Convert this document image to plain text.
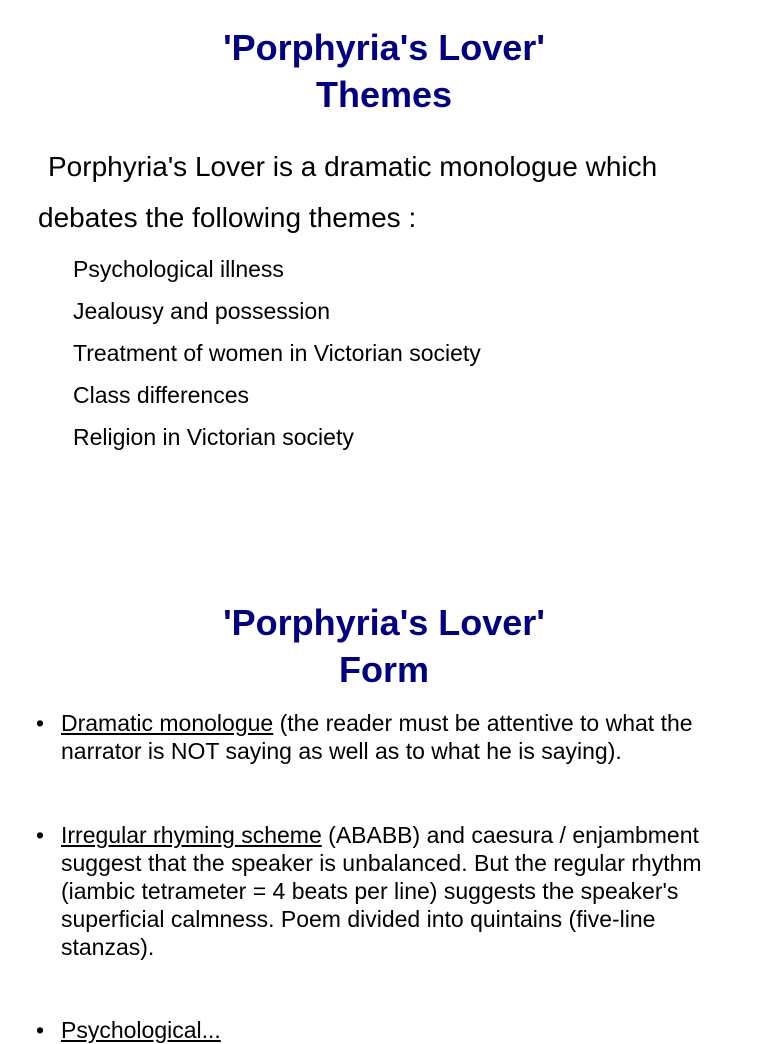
'Porphyria's Lover'
Themes

Porphyria's Lover is a dramatic monologue which
debates the following themes :

Psychological illness
Jealousy and possession
Treatment of women in Victorian society
Class differences
Religion in Victorian society
'Porphyria's Lover'
Form
• Dramatic monologue (the reader must be attentive to what the narrator is NOT saying as well as to what he is saying).
• Irregular rhyming scheme (ABABB) and caesura / enjambment suggest that the speaker is unbalanced. But the regular rhythm (iambic tetrameter = 4 beats per line) suggests the speaker's superficial calmness. Poem divided into quintains (five-line stanzas).
• Psychological...
